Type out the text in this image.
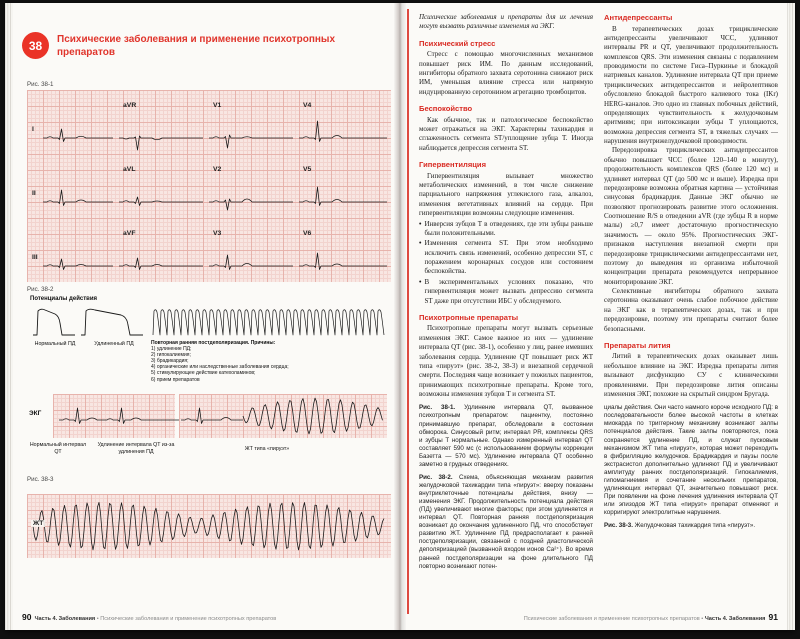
38	Психические заболевания и применение психотропных препаратов
Рис. 38-1
I
II
III
aVR	V1	V4
aVL	V2	V5
aVF	V3	V6
Рис. 38-2
Потенциалы действия
Нормальный ПД	Удлиненный ПД	Повторная ранняя постдеполяризация. Причины:
1) удлинение ПД;
2) гипокалиемия;
3) брадикардия;
4) органические или наследственные заболевания сердца;
5) стимулирующее действие катехоламинов;
6) прием препаратов
ЭКГ
Нормальный интервал QT
Удлинение интервала QT из-за удлинения ПД	ЖТ типа «пируэт»
Рис. 38-3
ЖТ
90 Часть 4. Заболевания • Психические заболевания и применение психотропных препаратов

Психические заболевания и препараты для их лечения могут вызвать различные изменения на ЭКГ.

Психический стресс

Стресс с помощью многочисленных механизмов повышает риск ИМ. По данным исследований, ингибиторы обратного захвата серотонина снижают риск ИМ, уменьшая влияние стресса или напрямую индуцированную серотонином агрегацию тромбоцитов.

Беспокойство

Как обычное, так и патологическое беспокойство может отражаться на ЭКГ. Характерны тахикардия и сглаженность сегмента ST/уплощение зубца T. Иногда наблюдается депрессия сегмента ST.

Гипервентиляция

Гипервентиляция вызывает множество метаболических изменений, в том числе снижение парциального напряжения углекислого газа, алкалоз, изменения вегетативных влияний на сердце. При гипервентиляции возможны следующие изменения.

• Инверсия зубцов T в отведениях, где эти зубцы раньше были положительными.

• Изменения сегмента ST. При этом необходимо исключить связь изменений, особенно депрессии ST, с поражением коронарных сосудов или состоянием беспокойства.

• В экспериментальных условиях показано, что гипервентиляция может вызвать депрессию сегмента ST даже при отсутствии ИБС у обследуемого.

Психотропные препараты

Психотропные препараты могут вызвать серьезные изменения ЭКГ. Самое важное из них — удлинение интервала QT (рис. 38-1), особенно у лиц, ранее имевших заболевания сердца. Удлинение QT повышает риск ЖТ типа «пируэт» (рис. 38-2, 38-3) и внезапной сердечной смерти. Последняя чаще возникает у пожилых пациентов, принимающих психотропные препараты. Кроме того, возможны изменения зубцов T и сегмента ST.

Рис. 38-1. Удлинение интервала QT, вызванное психотропным препаратом: пациентку, постоянно принимавшую препарат, обследовали в состоянии обморока. Синусовый ритм; интервал PR, комплексы QRS и зубцы T нормальные. Однако измеренный интервал QT составляет 590 мс (с использованием формулы коррекции Базетта — 570 мс). Удлинение интервала QT особенно заметно в грудных отведениях.

Рис. 38-2. Схема, объясняющая механизм развития желудочковой тахикардии типа «пируэт»: вверху показаны внутриклеточные потенциалы действия, внизу — изменения ЭКГ. Продолжительность потенциала действия (ПД) увеличивают многие факторы; при этом удлиняется и интервал QT. Повторная ранняя постдеполяризация возникает до окончания удлиненного ПД, что способствует развитию ЖТ. Удлинение ПД предрасполагает к ранней постдеполяризации, связанной с поздней диастолической деполяризацией (вызванной входом ионов Ca²⁺). Во время ранней постдеполяризации на фоне длительного ПД повторно возникают потен-

Антидепрессанты

В терапевтических дозах трициклические антидепрессанты увеличивают ЧСС, удлиняют интервалы PR и QT, увеличивают продолжительность комплексов QRS. Эти изменения связаны с подавлением проводимости по системе Гиса–Пуркинье и блокадой натриевых каналов. Удлинение интервала QT при приеме трициклических антидепрессантов и нейролептиков обусловлено блокадой быстрого калиевого тока (IKr) HERG-каналов. Это одно из главных побочных действий, определяющих чувствительность к желудочковым аритмиям; при интоксикации зубцы T уплощаются, возможна депрессия сегмента ST, в тяжелых случаях — нарушения внутрижелудочковой проводимости.

Передозировка трициклических антидепрессантов обычно повышает ЧСС (более 120–140 в минуту), продолжительность комплексов QRS (более 120 мс) и удлиняет интервал QT (до 500 мс и выше). Изредка при передозировке возможна обратная картина — устойчивая синусовая брадикардия. Данные ЭКГ обычно не позволяют прогнозировать развитие этого осложнения. Соотношение R/S в отведении aVR (где зубцы R в норме малы) ≥0,7 имеет достаточную прогностическую значимость — около 95%. Прогностических ЭКГ-признаков наступления внезапной смерти при передозировке трициклическими антидепрессантами нет, поэтому до выведения из организма избыточной концентрации препарата рекомендуется непрерывное мониторирование ЭКГ.

Селективные ингибиторы обратного захвата серотонина оказывают очень слабое побочное действие на ЭКГ как в терапевтических дозах, так и при передозировке, поэтому эти препараты считают более безопасными.

Препараты лития

Литий в терапевтических дозах оказывает лишь небольшое влияние на ЭКГ. Изредка препараты лития вызывают дисфункцию СУ с клиническими проявлениями. При передозировке лития описаны изменения ЭКГ, похожие на скрытый синдром Бругада.

циалы действия. Они часто намного короче исходного ПД: в последовательности более высокой частоты в клетках миокарда по триггерному механизму возникают залпы потенциалов действия. Такие залпы повторяются, пока сохраняется удлинение ПД, и служат пусковым механизмом ЖТ типа «пируэт», которая может переходить в фибрилляцию желудочков. Брадикардия и паузы после экстрасистол дополнительно удлиняют ПД и увеличивают амплитуду ранних постдеполяризаций. Гипокалиемия, гипомагниемия и сочетание нескольких препаратов, удлиняющих интервал QT, значительно повышают риск. При появлении на фоне лечения удлинения интервала QT или эпизодов ЖТ типа «пируэт» препарат отменяют и корригируют электролитные нарушения.

Рис. 38-3. Желудочковая тахикардия типа «пируэт».

Психические заболевания и применение психотропных препаратов • Часть 4. Заболевания 91
